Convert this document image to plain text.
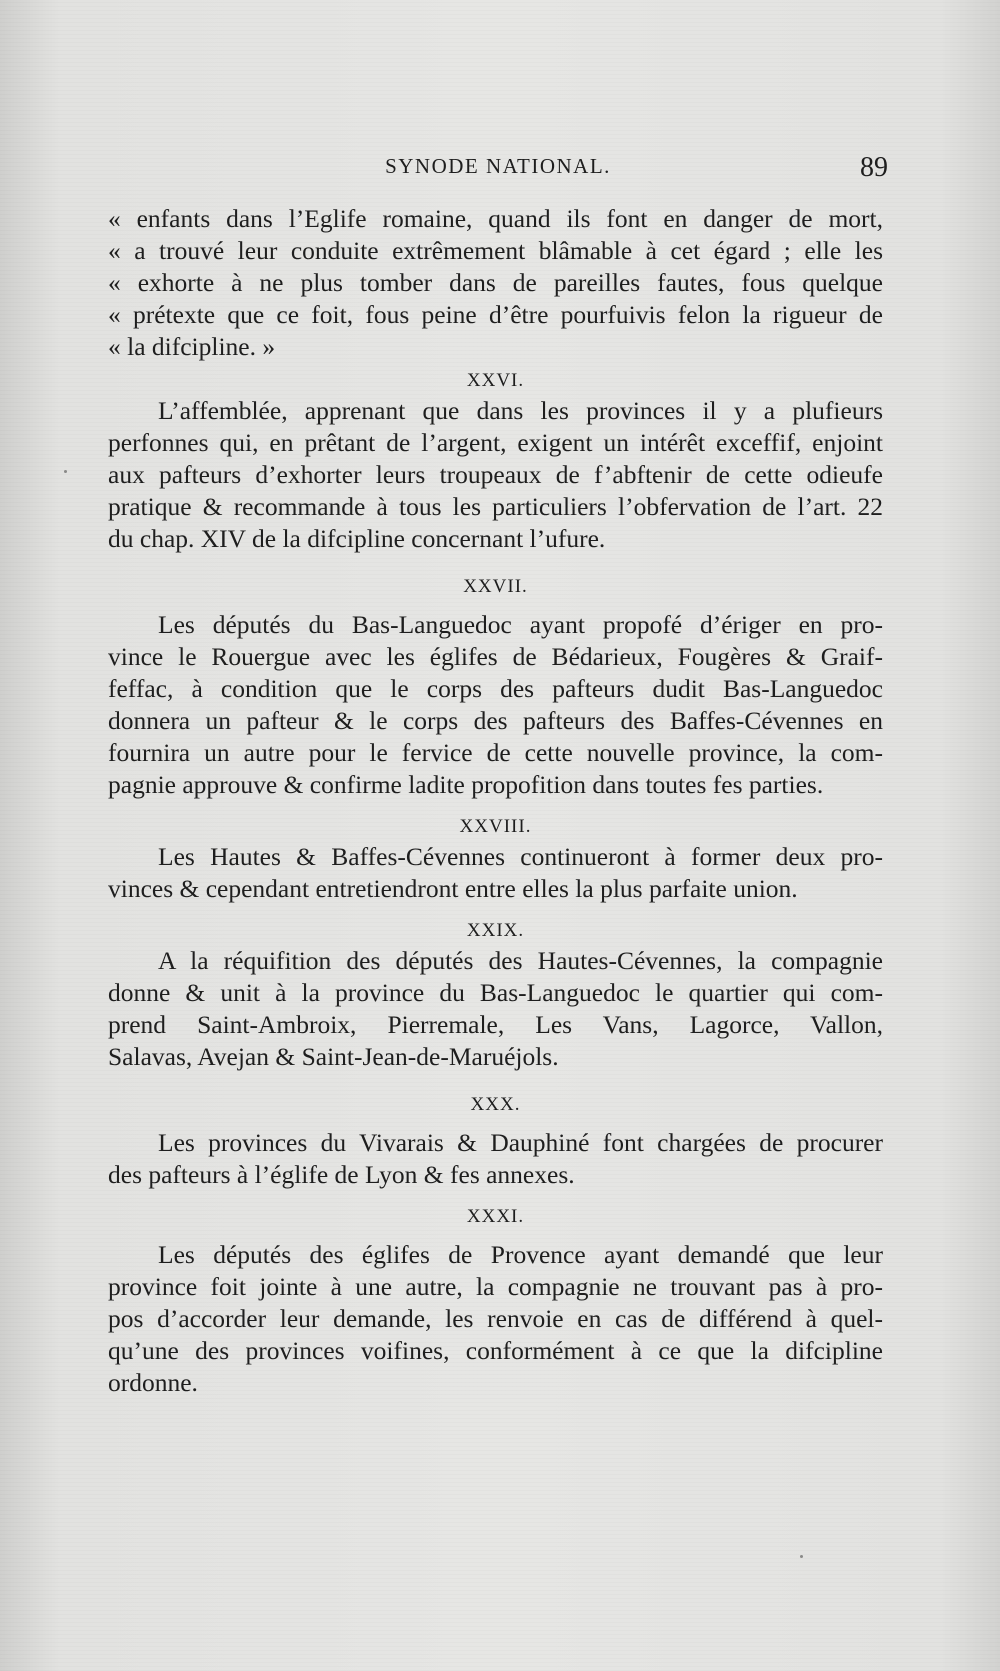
SYNODE NATIONAL.	89
« enfants dans l’Eglife romaine, quand ils font en danger de mort,
« a trouvé leur conduite extrêmement blâmable à cet égard ; elle les
« exhorte à ne plus tomber dans de pareilles fautes, fous quelque
« prétexte que ce foit, fous peine d’être pourfuivis felon la rigueur de
« la difcipline. »
XXVI.
L’affemblée, apprenant que dans les provinces il y a plufieurs
perfonnes qui, en prêtant de l’argent, exigent un intérêt exceffif, enjoint
aux pafteurs d’exhorter leurs troupeaux de f’abftenir de cette odieufe
pratique & recommande à tous les particuliers l’obfervation de l’art. 22
du chap. XIV de la difcipline concernant l’ufure.
XXVII.
Les députés du Bas-Languedoc ayant propofé d’ériger en pro-
vince le Rouergue avec les églifes de Bédarieux, Fougères & Graif-
feffac, à condition que le corps des pafteurs dudit Bas-Languedoc
donnera un pafteur & le corps des pafteurs des Baffes-Cévennes en
fournira un autre pour le fervice de cette nouvelle province, la com-
pagnie approuve & confirme ladite propofition dans toutes fes parties.
XXVIII.
Les Hautes & Baffes-Cévennes continueront à former deux pro-
vinces & cependant entretiendront entre elles la plus parfaite union.
XXIX.
A la réquifition des députés des Hautes-Cévennes, la compagnie
donne & unit à la province du Bas-Languedoc le quartier qui com-
prend Saint-Ambroix, Pierremale, Les Vans, Lagorce, Vallon,
Salavas, Avejan & Saint-Jean-de-Maruéjols.
XXX.
Les provinces du Vivarais & Dauphiné font chargées de procurer
des pafteurs à l’églife de Lyon & fes annexes.
XXXI.
Les députés des églifes de Provence ayant demandé que leur
province foit jointe à une autre, la compagnie ne trouvant pas à pro-
pos d’accorder leur demande, les renvoie en cas de différend à quel-
qu’une des provinces voifines, conformément à ce que la difcipline
ordonne.
